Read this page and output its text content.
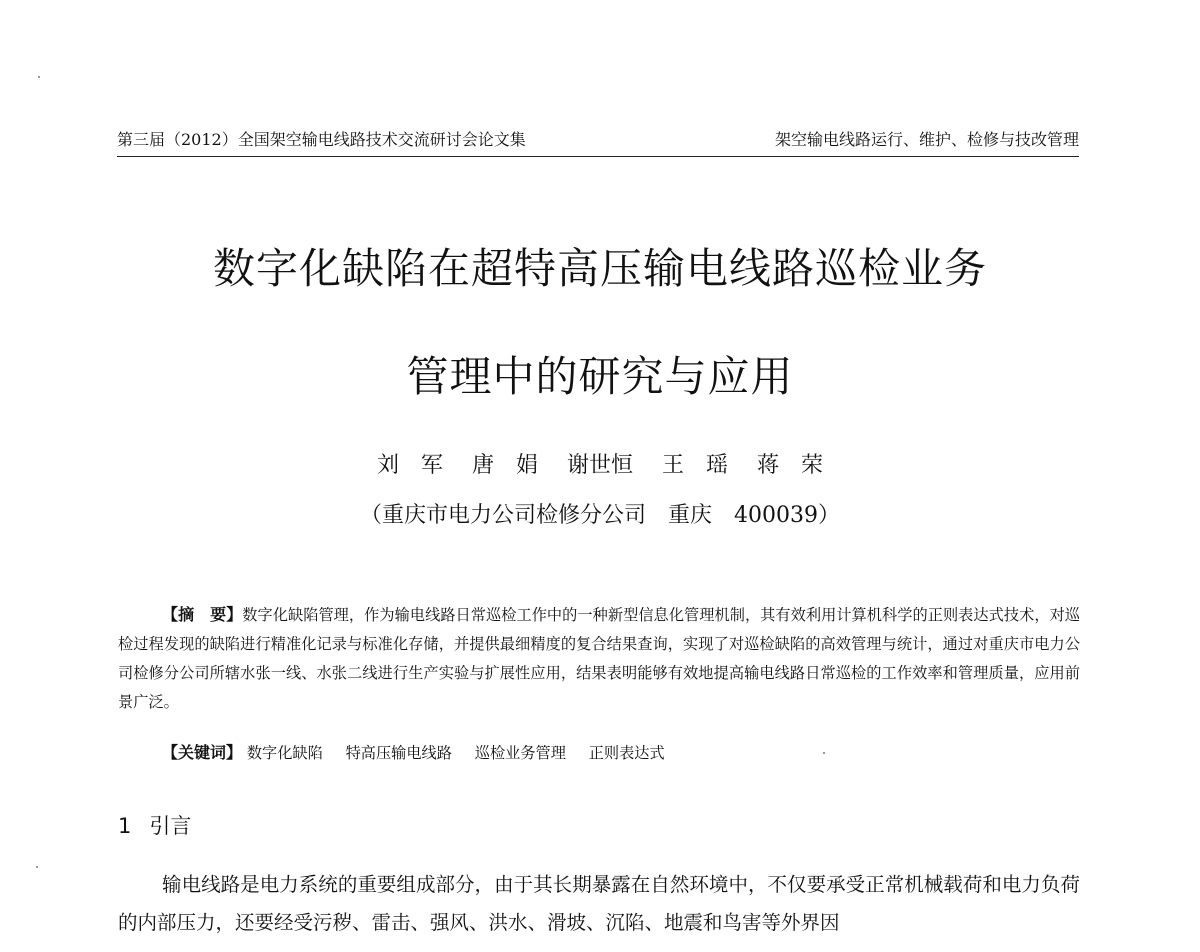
第三届（2012）全国架空输电线路技术交流研讨会论文集	架空输电线路运行、维护、检修与技改管理
数字化缺陷在超特高压输电线路巡检业务
管理中的研究与应用
刘　军 唐　娟 谢世恒 王　瑶 蒋　荣
（重庆市电力公司检修分公司　重庆　400039）
【摘　要】数字化缺陷管理，作为输电线路日常巡检工作中的一种新型信息化管理机制，其有效利用计算机科学的正则表达式技术，对巡检过程发现的缺陷进行精准化记录与标准化存储，并提供最细精度的复合结果查询，实现了对巡检缺陷的高效管理与统计，通过对重庆市电力公司检修分公司所辖水张一线、水张二线进行生产实验与扩展性应用，结果表明能够有效地提高输电线路日常巡检的工作效率和管理质量，应用前景广泛。
【关键词】 数字化缺陷 特高压输电线路 巡检业务管理 正则表达式
1 引言
输电线路是电力系统的重要组成部分，由于其长期暴露在自然环境中，不仅要承受正常机械载荷和电力负荷的内部压力，还要经受污秽、雷击、强风、洪水、滑坡、沉陷、地震和鸟害等外界因
